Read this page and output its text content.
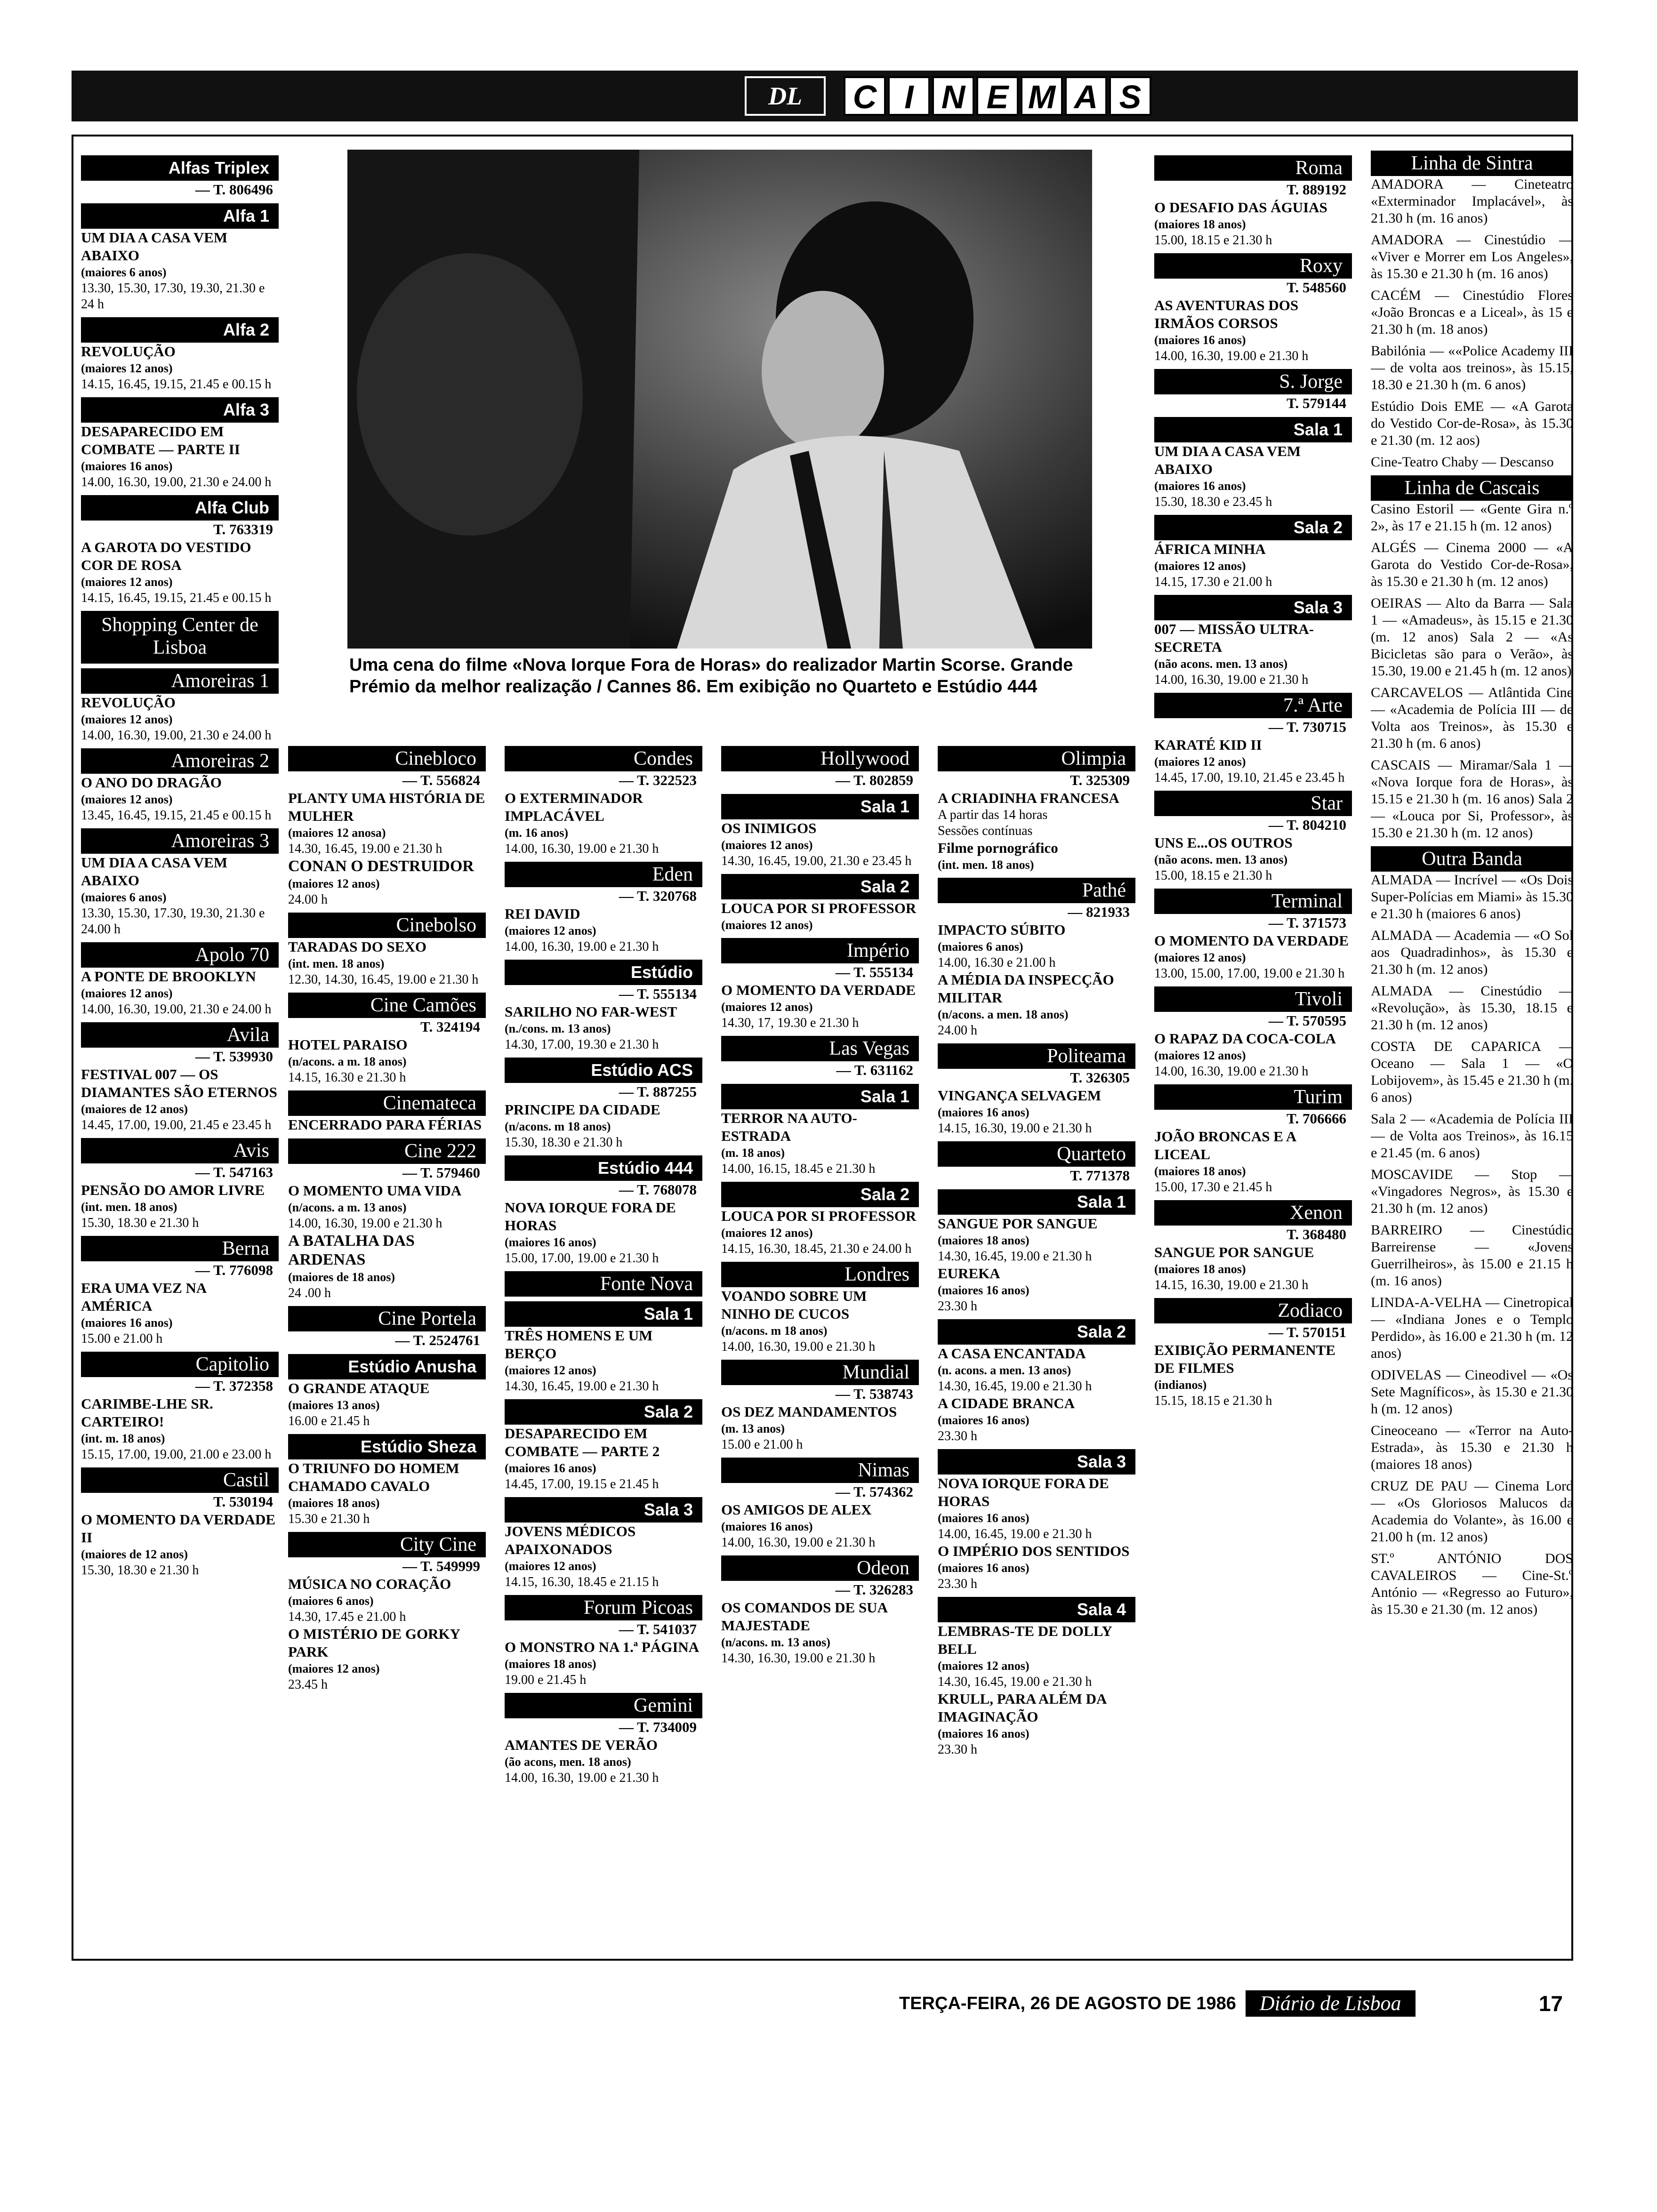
DL	C I N E M A S
Uma cena do filme «Nova Iorque Fora de Horas» do realizador Martin Scorse. Grande Prémio da melhor realização / Cannes 86. Em exibição no Quarteto e Estúdio 444
Alfas Triplex
— T. 806496
Alfa 1
UM DIA A CASA VEM ABAIXO
(maiores 6 anos)
13.30, 15.30, 17.30, 19.30, 21.30 e 24 h
Alfa 2
REVOLUÇÃO
(maiores 12 anos)
14.15, 16.45, 19.15, 21.45 e 00.15 h
Alfa 3
DESAPARECIDO EM COMBATE — PARTE II
(maiores 16 anos)
14.00, 16.30, 19.00, 21.30 e 24.00 h
Alfa Club
T. 763319
A GAROTA DO VESTIDO COR DE ROSA
(maiores 12 anos)
14.15, 16.45, 19.15, 21.45 e 00.15 h
Shopping Center de Lisboa
Amoreiras 1
REVOLUÇÃO
(maiores 12 anos)
14.00, 16.30, 19.00, 21.30 e 24.00 h
Amoreiras 2
O ANO DO DRAGÃO
(maiores 12 anos)
13.45, 16.45, 19.15, 21.45 e 00.15 h
Amoreiras 3
UM DIA A CASA VEM ABAIXO
(maiores 6 anos)
13.30, 15.30, 17.30, 19.30, 21.30 e 24.00 h
Apolo 70
A PONTE DE BROOKLYN
(maiores 12 anos)
14.00, 16.30, 19.00, 21.30 e 24.00 h
Avila
— T. 539930
FESTIVAL 007 — OS DIAMANTES SÃO ETERNOS
(maiores de 12 anos)
14.45, 17.00, 19.00, 21.45 e 23.45 h
Avis
— T. 547163
PENSÃO DO AMOR LIVRE
(int. men. 18 anos)
15.30, 18.30 e 21.30 h
Berna
— T. 776098
ERA UMA VEZ NA AMÉRICA
(maiores 16 anos)
15.00 e 21.00 h
Capitolio
— T. 372358
CARIMBE-LHE SR. CARTEIRO!
(int. m. 18 anos)
15.15, 17.00, 19.00, 21.00 e 23.00 h
Castil
T. 530194
O MOMENTO DA VERDADE II
(maiores de 12 anos)
15.30, 18.30 e 21.30 h
Cinebloco
— T. 556824
PLANTY UMA HISTÓRIA DE MULHER
(maiores 12 anosa)
14.30, 16.45, 19.00 e 21.30 h
CONAN O DESTRUIDOR
(maiores 12 anos)
24.00 h
Cinebolso
TARADAS DO SEXO
(int. men. 18 anos)
12.30, 14.30, 16.45, 19.00 e 21.30 h
Cine Camões
T. 324194
HOTEL PARAISO
(n/acons. a m. 18 anos)
14.15, 16.30 e 21.30 h
Cinemateca
ENCERRADO PARA FÉRIAS
Cine 222
— T. 579460
O MOMENTO UMA VIDA
(n/acons. a m. 13 anos)
14.00, 16.30, 19.00 e 21.30 h
A BATALHA DAS ARDENAS
(maiores de 18 anos)
24 .00 h
Cine Portela
— T. 2524761
Estúdio Anusha
O GRANDE ATAQUE
(maiores 13 anos)
16.00 e 21.45 h
Estúdio Sheza
O TRIUNFO DO HOMEM CHAMADO CAVALO
(maiores 18 anos)
15.30 e 21.30 h
City Cine
— T. 549999
MÚSICA NO CORAÇÃO
(maiores 6 anos)
14.30, 17.45 e 21.00 h
O MISTÉRIO DE GORKY PARK
(maiores 12 anos)
23.45 h
Condes
— T. 322523
O EXTERMINADOR IMPLACÁVEL
(m. 16 anos)
14.00, 16.30, 19.00 e 21.30 h
Eden
— T. 320768
REI DAVID
(maiores 12 anos)
14.00, 16.30, 19.00 e 21.30 h
Estúdio
— T. 555134
SARILHO NO FAR-WEST
(n./cons. m. 13 anos)
14.30, 17.00, 19.30 e 21.30 h
Estúdio ACS
— T. 887255
PRINCIPE DA CIDADE
(n/acons. m 18 anos)
15.30, 18.30 e 21.30 h
Estúdio 444
— T. 768078
NOVA IORQUE FORA DE HORAS
(maiores 16 anos)
15.00, 17.00, 19.00 e 21.30 h
Fonte Nova
Sala 1
TRÊS HOMENS E UM BERÇO
(maiores 12 anos)
14.30, 16.45, 19.00 e 21.30 h
Sala 2
DESAPARECIDO EM COMBATE — PARTE 2
(maiores 16 anos)
14.45, 17.00, 19.15 e 21.45 h
Sala 3
JOVENS MÉDICOS APAIXONADOS
(maiores 12 anos)
14.15, 16.30, 18.45 e 21.15 h
Forum Picoas
— T. 541037
O MONSTRO NA 1.ª PÁGINA
(maiores 18 anos)
19.00 e 21.45 h
Gemini
— T. 734009
AMANTES DE VERÃO
(ão acons, men. 18 anos)
14.00, 16.30, 19.00 e 21.30 h
Hollywood
— T. 802859
Sala 1
OS INIMIGOS
(maiores 12 anos)
14.30, 16.45, 19.00, 21.30 e 23.45 h
Sala 2
LOUCA POR SI PROFESSOR
(maiores 12 anos)
Império
— T. 555134
O MOMENTO DA VERDADE
(maiores 12 anos)
14.30, 17, 19.30 e 21.30 h
Las Vegas
— T. 631162
Sala 1
TERROR NA AUTO-ESTRADA
(m. 18 anos)
14.00, 16.15, 18.45 e 21.30 h
Sala 2
LOUCA POR SI PROFESSOR
(maiores 12 anos)
14.15, 16.30, 18.45, 21.30 e 24.00 h
Londres
VOANDO SOBRE UM NINHO DE CUCOS
(n/acons. m 18 anos)
14.00, 16.30, 19.00 e 21.30 h
Mundial
— T. 538743
OS DEZ MANDAMENTOS
(m. 13 anos)
15.00 e 21.00 h
Nimas
— T. 574362
OS AMIGOS DE ALEX
(maiores 16 anos)
14.00, 16.30, 19.00 e 21.30 h
Odeon
— T. 326283
OS COMANDOS DE SUA MAJESTADE
(n/acons. m. 13 anos)
14.30, 16.30, 19.00 e 21.30 h
Olimpia
T. 325309
A CRIADINHA FRANCESA
A partir das 14 horas
Sessões contínuas
Filme pornográfico
(int. men. 18 anos)
Pathé
— 821933
IMPACTO SÚBITO
(maiores 6 anos)
14.00, 16.30 e 21.00 h
A MÉDIA DA INSPECÇÃO MILITAR
(n/acons. a men. 18 anos)
24.00 h
Politeama
T. 326305
VINGANÇA SELVAGEM
(maiores 16 anos)
14.15, 16.30, 19.00 e 21.30 h
Quarteto
T. 771378
Sala 1
SANGUE POR SANGUE
(maiores 18 anos)
14.30, 16.45, 19.00 e 21.30 h
EUREKA
(maiores 16 anos)
23.30 h
Sala 2
A CASA ENCANTADA
(n. acons. a men. 13 anos)
14.30, 16.45, 19.00 e 21.30 h
A CIDADE BRANCA
(maiores 16 anos)
23.30 h
Sala 3
NOVA IORQUE FORA DE HORAS
(maiores 16 anos)
14.00, 16.45, 19.00 e 21.30 h
O IMPÉRIO DOS SENTIDOS
(maiores 16 anos)
23.30 h
Sala 4
LEMBRAS-TE DE DOLLY BELL
(maiores 12 anos)
14.30, 16.45, 19.00 e 21.30 h
KRULL, PARA ALÉM DA IMAGINAÇÃO
(maiores 16 anos)
23.30 h
Roma
T. 889192
O DESAFIO DAS ÁGUIAS
(maiores 18 anos)
15.00, 18.15 e 21.30 h
Roxy
T. 548560
AS AVENTURAS DOS IRMÃOS CORSOS
(maiores 16 anos)
14.00, 16.30, 19.00 e 21.30 h
S. Jorge
T. 579144
Sala 1
UM DIA A CASA VEM ABAIXO
(maiores 16 anos)
15.30, 18.30 e 23.45 h
Sala 2
ÁFRICA MINHA
(maiores 12 anos)
14.15, 17.30 e 21.00 h
Sala 3
007 — MISSÃO ULTRA-SECRETA
(não acons. men. 13 anos)
14.00, 16.30, 19.00 e 21.30 h
7.ª Arte
— T. 730715
KARATÉ KID II
(maiores 12 anos)
14.45, 17.00, 19.10, 21.45 e 23.45 h
Star
— T. 804210
UNS E...OS OUTROS
(não acons. men. 13 anos)
15.00, 18.15 e 21.30 h
Terminal
— T. 371573
O MOMENTO DA VERDADE
(maiores 12 anos)
13.00, 15.00, 17.00, 19.00 e 21.30 h
Tivoli
— T. 570595
O RAPAZ DA COCA-COLA
(maiores 12 anos)
14.00, 16.30, 19.00 e 21.30 h
Turim
T. 706666
JOÃO BRONCAS E A LICEAL
(maiores 18 anos)
15.00, 17.30 e 21.45 h
Xenon
T. 368480
SANGUE POR SANGUE
(maiores 18 anos)
14.15, 16.30, 19.00 e 21.30 h
Zodiaco
— T. 570151
EXIBIÇÃO PERMANENTE DE FILMES
(indianos)
15.15, 18.15 e 21.30 h
Linha de Sintra
AMADORA — Cineteatro «Exterminador Implacável», às 21.30 h (m. 16 anos)
AMADORA — Cinestúdio — «Viver e Morrer em Los Angeles», às 15.30 e 21.30 h (m. 16 anos)
CACÉM — Cinestúdio Flores «João Broncas e a Liceal», às 15 e 21.30 h (m. 18 anos)
Babilónia — ««Police Academy III — de volta aos treinos», às 15.15, 18.30 e 21.30 h (m. 6 anos)
Estúdio Dois EME — «A Garota do Vestido Cor-de-Rosa», às 15.30 e 21.30 (m. 12 aos)
Cine-Teatro Chaby — Descanso
Linha de Cascais
Casino Estoril — «Gente Gira n.º 2», às 17 e 21.15 h (m. 12 anos)
ALGÉS — Cinema 2000 — «A Garota do Vestido Cor-de-Rosa», às 15.30 e 21.30 h (m. 12 anos)
OEIRAS — Alto da Barra — Sala 1 — «Amadeus», às 15.15 e 21.30 (m. 12 anos) Sala 2 — «As Bicicletas são para o Verão», às 15.30, 19.00 e 21.45 h (m. 12 anos)
CARCAVELOS — Atlântida Cine — «Academia de Polícia III — de Volta aos Treinos», às 15.30 e 21.30 h (m. 6 anos)
CASCAIS — Miramar/Sala 1 — «Nova Iorque fora de Horas», às 15.15 e 21.30 h (m. 16 anos) Sala 2 — «Louca por Si, Professor», às 15.30 e 21.30 h (m. 12 anos)
Outra Banda
ALMADA — Incrível — «Os Dois Super-Polícias em Miami» às 15.30 e 21.30 h (maiores 6 anos)
ALMADA — Academia — «O Sol aos Quadradinhos», às 15.30 e 21.30 h (m. 12 anos)
ALMADA — Cinestúdio — «Revolução», às 15.30, 18.15 e 21.30 h (m. 12 anos)
COSTA DE CAPARICA — Oceano — Sala 1 — «O Lobijovem», às 15.45 e 21.30 h (m. 6 anos)
Sala 2 — «Academia de Polícia III — de Volta aos Treinos», às 16.15 e 21.45 (m. 6 anos)
MOSCAVIDE — Stop — «Vingadores Negros», às 15.30 e 21.30 h (m. 12 anos)
BARREIRO — Cinestúdio Barreirense — «Jovens Guerrilheiros», às 15.00 e 21.15 h (m. 16 anos)
LINDA-A-VELHA — Cinetropical — «Indiana Jones e o Templo Perdido», às 16.00 e 21.30 h (m. 12 anos)
ODIVELAS — Cineodivel — «Os Sete Magníficos», às 15.30 e 21.30 h (m. 12 anos)
Cineoceano — «Terror na Auto-Estrada», às 15.30 e 21.30 h (maiores 18 anos)
CRUZ DE PAU — Cinema Lord — «Os Gloriosos Malucos da Academia do Volante», às 16.00 e 21.00 h (m. 12 anos)
ST.º ANTÓNIO DOS CAVALEIROS — Cine-St.º António — «Regresso ao Futuro», às 15.30 e 21.30 (m. 12 anos)
TERÇA-FEIRA, 26 DE AGOSTO DE 1986	Diário de Lisboa	17
